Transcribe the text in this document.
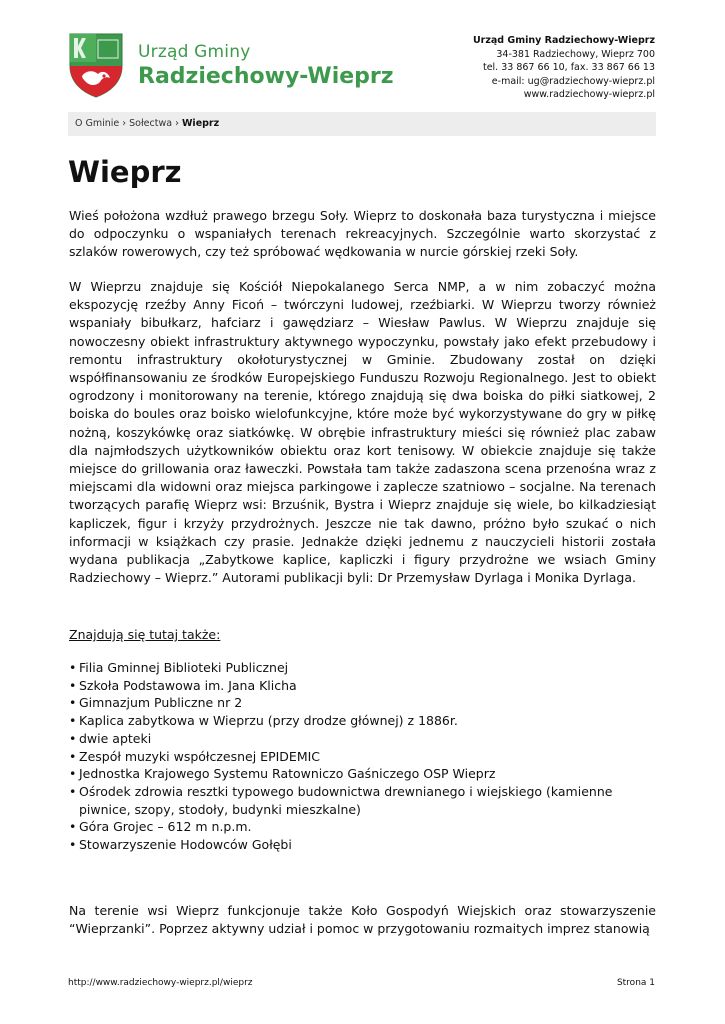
Urząd Gminy
Radziechowy-Wieprz
Urząd Gminy Radziechowy-Wieprz
34-381 Radziechowy, Wieprz 700
tel. 33 867 66 10, fax. 33 867 66 13
e-mail: ug@radziechowy-wieprz.pl
www.radziechowy-wieprz.pl
O Gminie › Sołectwa › Wieprz
Wieprz
Wieś położona wzdłuż prawego brzegu Soły. Wieprz to doskonała baza turystyczna i miejsce do odpoczynku o wspaniałych terenach rekreacyjnych. Szczególnie warto skorzystać z szlaków rowerowych, czy też spróbować wędkowania w nurcie górskiej rzeki Soły.
W Wieprzu znajduje się Kościół Niepokalanego Serca NMP, a w nim zobaczyć można ekspozycję rzeźby Anny Ficoń – twórczyni ludowej, rzeźbiarki. W Wieprzu tworzy również wspaniały bibułkarz, hafciarz i gawędziarz – Wiesław Pawlus. W Wieprzu znajduje się nowoczesny obiekt infrastruktury aktywnego wypoczynku, powstały jako efekt przebudowy i remontu infrastruktury okołoturystycznej w Gminie. Zbudowany został on dzięki współfinansowaniu ze środków Europejskiego Funduszu Rozwoju Regionalnego. Jest to obiekt ogrodzony i monitorowany na terenie, którego znajdują się dwa boiska do piłki siatkowej, 2 boiska do boules oraz boisko wielofunkcyjne, które może być wykorzystywane do gry w piłkę nożną, koszykówkę oraz siatkówkę. W obrębie infrastruktury mieści się również plac zabaw dla najmłodszych użytkowników obiektu oraz kort tenisowy. W obiekcie znajduje się także miejsce do grillowania oraz ławeczki. Powstała tam także zadaszona scena przenośna wraz z miejscami dla widowni oraz miejsca parkingowe i zaplecze szatniowo – socjalne. Na terenach tworzących parafię Wieprz wsi: Brzuśnik, Bystra i Wieprz znajduje się wiele, bo kilkadziesiąt kapliczek, figur i krzyży przydrożnych. Jeszcze nie tak dawno, próżno było szukać o nich informacji w książkach czy prasie. Jednakże dzięki jednemu z nauczycieli historii została wydana publikacja „Zabytkowe kaplice, kapliczki i figury przydrożne we wsiach Gminy Radziechowy – Wieprz.” Autorami publikacji byli: Dr Przemysław Dyrlaga i Monika Dyrlaga.
Znajdują się tutaj także:
• Filia Gminnej Biblioteki Publicznej
• Szkoła Podstawowa im. Jana Klicha
• Gimnazjum Publiczne nr 2
• Kaplica zabytkowa w Wieprzu (przy drodze głównej) z 1886r.
• dwie apteki
• Zespół muzyki współczesnej EPIDEMIC
• Jednostka Krajowego Systemu Ratowniczo Gaśniczego OSP Wieprz
• Ośrodek zdrowia resztki typowego budownictwa drewnianego i wiejskiego (kamienne piwnice, szopy, stodoły, budynki mieszkalne)
• Góra Grojec – 612 m n.p.m.
• Stowarzyszenie Hodowców Gołębi
Na terenie wsi Wieprz funkcjonuje także Koło Gospodyń Wiejskich oraz stowarzyszenie “Wieprzanki”. Poprzez aktywny udział i pomoc w przygotowaniu rozmaitych imprez stanowią
http://www.radziechowy-wieprz.pl/wieprz	Strona 1
